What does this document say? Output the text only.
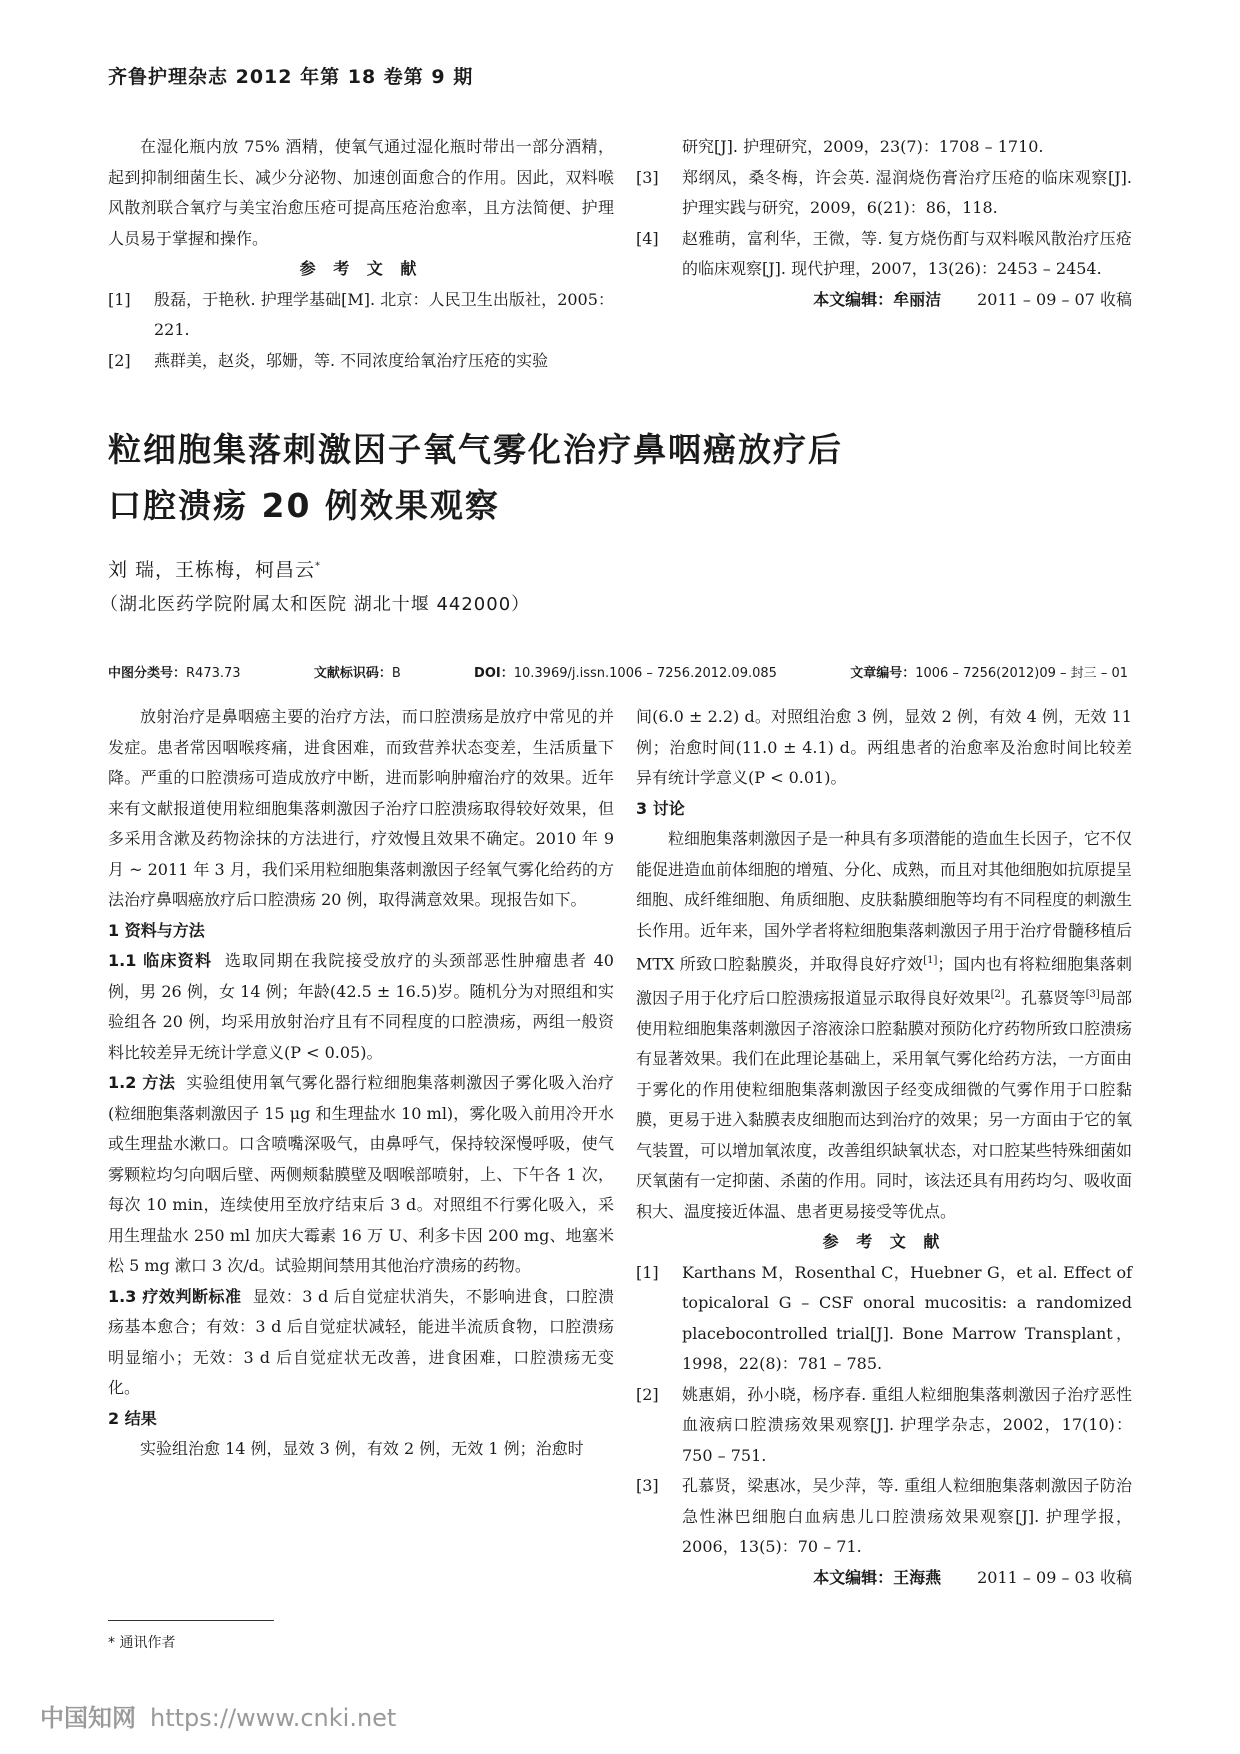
齐鲁护理杂志 2012 年第 18 卷第 9 期

在湿化瓶内放 75% 酒精，使氧气通过湿化瓶时带出一部分酒精，起到抑制细菌生长、减少分泌物、加速创面愈合的作用。因此，双料喉风散剂联合氧疗与美宝治愈压疮可提高压疮治愈率，且方法简便、护理人员易于掌握和操作。

参 考 文 献

[1]	殷磊，于艳秋. 护理学基础[M]. 北京：人民卫生出版社，2005：221.
[2]	燕群美，赵炎，邬姗，等. 不同浓度给氧治疗压疮的实验
研究[J]. 护理研究，2009，23(7)：1708 – 1710.
[3]	郑纲凤，桑冬梅，许会英. 湿润烧伤膏治疗压疮的临床观察[J]. 护理实践与研究，2009，6(21)：86，118.
[4]	赵雅萌，富利华，王微，等. 复方烧伤酊与双料喉风散治疗压疮的临床观察[J]. 现代护理，2007，13(26)：2453 – 2454.
本文编辑：牟丽洁 2011 – 09 – 07 收稿
粒细胞集落刺激因子氧气雾化治疗鼻咽癌放疗后
口腔溃疡 20 例效果观察
刘 瑞，王栋梅，柯昌云*
（湖北医药学院附属太和医院 湖北十堰 442000）
中图分类号：R473.73	文献标识码：B	DOI：10.3969/j.issn.1006 – 7256.2012.09.085	文章编号：1006 – 7256(2012)09 – 封三 – 01

放射治疗是鼻咽癌主要的治疗方法，而口腔溃疡是放疗中常见的并发症。患者常因咽喉疼痛，进食困难，而致营养状态变差，生活质量下降。严重的口腔溃疡可造成放疗中断，进而影响肿瘤治疗的效果。近年来有文献报道使用粒细胞集落刺激因子治疗口腔溃疡取得较好效果，但多采用含漱及药物涂抹的方法进行，疗效慢且效果不确定。2010 年 9 月 ~ 2011 年 3 月，我们采用粒细胞集落刺激因子经氧气雾化给药的方法治疗鼻咽癌放疗后口腔溃疡 20 例，取得满意效果。现报告如下。

1 资料与方法

1.1 临床资料 选取同期在我院接受放疗的头颈部恶性肿瘤患者 40 例，男 26 例，女 14 例；年龄(42.5 ± 16.5)岁。随机分为对照组和实验组各 20 例，均采用放射治疗且有不同程度的口腔溃疡，两组一般资料比较差异无统计学意义(P < 0.05)。

1.2 方法 实验组使用氧气雾化器行粒细胞集落刺激因子雾化吸入治疗(粒细胞集落刺激因子 15 μg 和生理盐水 10 ml)，雾化吸入前用冷开水或生理盐水漱口。口含喷嘴深吸气，由鼻呼气，保持较深慢呼吸，使气雾颗粒均匀向咽后壁、两侧颊黏膜壁及咽喉部喷射，上、下午各 1 次，每次 10 min，连续使用至放疗结束后 3 d。对照组不行雾化吸入，采用生理盐水 250 ml 加庆大霉素 16 万 U、利多卡因 200 mg、地塞米松 5 mg 漱口 3 次/d。试验期间禁用其他治疗溃疡的药物。

1.3 疗效判断标准 显效：3 d 后自觉症状消失，不影响进食，口腔溃疡基本愈合；有效：3 d 后自觉症状减轻，能进半流质食物，口腔溃疡明显缩小；无效：3 d 后自觉症状无改善，进食困难，口腔溃疡无变化。

2 结果

实验组治愈 14 例，显效 3 例，有效 2 例，无效 1 例；治愈时

间(6.0 ± 2.2) d。对照组治愈 3 例，显效 2 例，有效 4 例，无效 11 例；治愈时间(11.0 ± 4.1) d。两组患者的治愈率及治愈时间比较差异有统计学意义(P < 0.01)。

3 讨论

粒细胞集落刺激因子是一种具有多项潜能的造血生长因子，它不仅能促进造血前体细胞的增殖、分化、成熟，而且对其他细胞如抗原提呈细胞、成纤维细胞、角质细胞、皮肤黏膜细胞等均有不同程度的刺激生长作用。近年来，国外学者将粒细胞集落刺激因子用于治疗骨髓移植后 MTX 所致口腔黏膜炎，并取得良好疗效[1]；国内也有将粒细胞集落刺激因子用于化疗后口腔溃疡报道显示取得良好效果[2]。孔慕贤等[3]局部使用粒细胞集落刺激因子溶液涂口腔黏膜对预防化疗药物所致口腔溃疡有显著效果。我们在此理论基础上，采用氧气雾化给药方法，一方面由于雾化的作用使粒细胞集落刺激因子经变成细微的气雾作用于口腔黏膜，更易于进入黏膜表皮细胞而达到治疗的效果；另一方面由于它的氧气装置，可以增加氧浓度，改善组织缺氧状态，对口腔某些特殊细菌如厌氧菌有一定抑菌、杀菌的作用。同时，该法还具有用药均匀、吸收面积大、温度接近体温、患者更易接受等优点。

参 考 文 献

[1]	Karthans M，Rosenthal C，Huebner G，et al. Effect of topicaloral G – CSF onoral mucositis: a randomized placebocontrolled trial[J]. Bone Marrow Transplant，1998，22(8)：781 – 785.
[2]	姚惠娟，孙小晓，杨序春. 重组人粒细胞集落刺激因子治疗恶性血液病口腔溃疡效果观察[J]. 护理学杂志，2002，17(10)：750 – 751.
[3]	孔慕贤，梁惠冰，吴少萍，等. 重组人粒细胞集落刺激因子防治急性淋巴细胞白血病患儿口腔溃疡效果观察[J]. 护理学报，2006，13(5)：70 – 71.
本文编辑：王海燕 2011 – 09 – 03 收稿
* 通讯作者
中国知网 https://www.cnki.net
